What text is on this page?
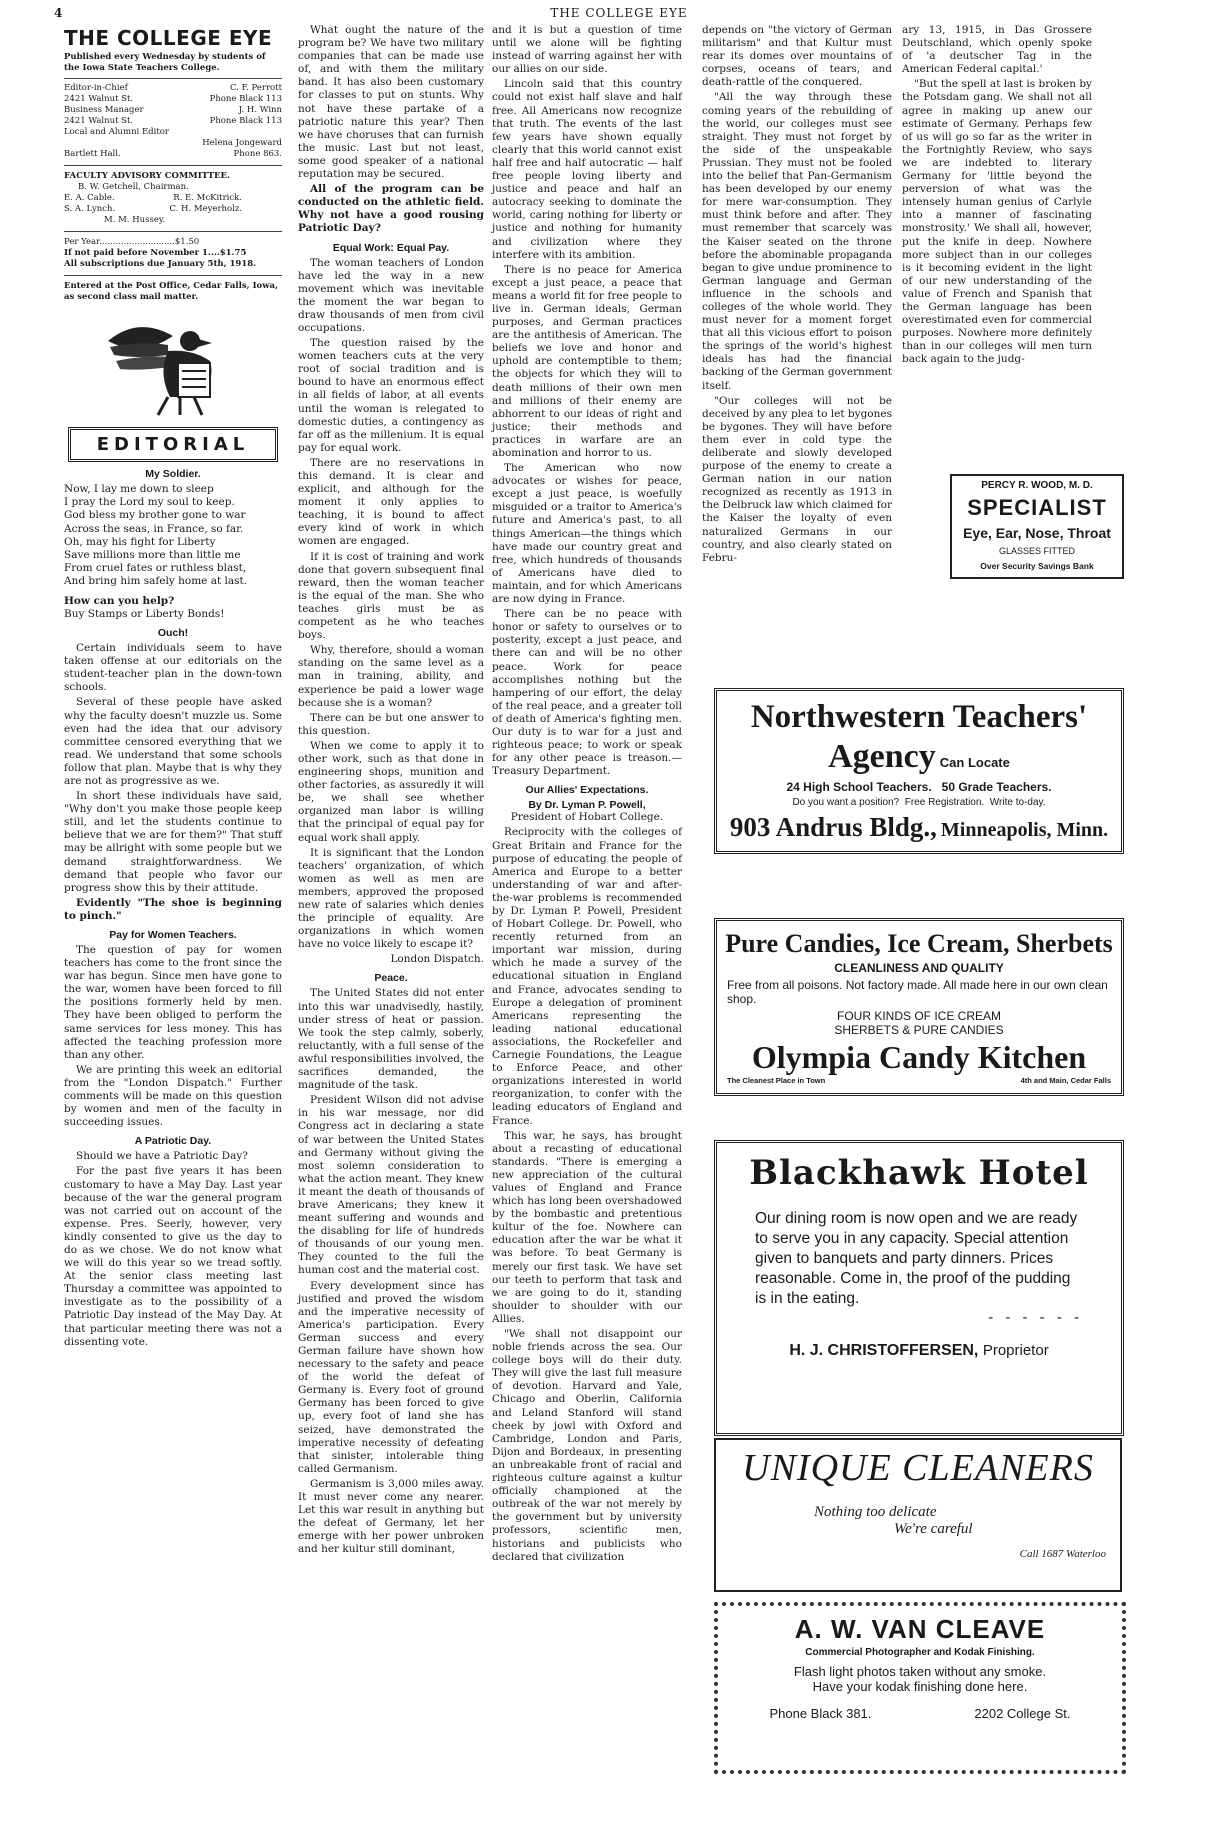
4	THE COLLEGE EYE
THE COLLEGE EYE

Published every Wednesday by students of the Iowa State Teachers College.

Editor-in-Chief	C. F. Perrott
2421 Walnut St.	Phone Black 113
Business Manager	J. H. Winn
2421 Walnut St.	Phone Black 113
Local and Alumni Editor
Helena Jongeward
Bartlett Hall.	Phone 863.

FACULTY ADVISORY COMMITTEE.

B. W. Getchell, Chairman.

E. A. Cable.	R. E. McKitrick.
S. A. Lynch.	C. H. Meyerholz.

M. M. Hussey.

Per Year............................$1.50

If not paid before November 1....$1.75

All subscriptions due January 5th, 1918.

Entered at the Post Office, Cedar Falls, Iowa, as second class mail matter.

EDITORIAL
My Soldier.

Now, I lay me down to sleep

I pray the Lord my soul to keep.

God bless my brother gone to war

Across the seas, in France, so far.

Oh, may his fight for Liberty

Save millions more than little me

From cruel fates or ruthless blast,

And bring him safely home at last.

How can you help?

Buy Stamps or Liberty Bonds!

Ouch!

Certain individuals seem to have taken offense at our editorials on the student-teacher plan in the down-town schools.

Several of these people have asked why the faculty doesn't muzzle us. Some even had the idea that our advisory committee censored everything that we read. We understand that some schools follow that plan. Maybe that is why they are not as progressive as we.

In short these individuals have said, "Why don't you make those people keep still, and let the students continue to believe that we are for them?" That stuff may be allright with some people but we demand straightforwardness. We demand that people who favor our progress show this by their attitude.

Evidently "The shoe is beginning to pinch."

Pay for Women Teachers.

The question of pay for women teachers has come to the front since the war has begun. Since men have gone to the war, women have been forced to fill the positions formerly held by men. They have been obliged to perform the same services for less money. This has affected the teaching profession more than any other.

We are printing this week an editorial from the "London Dispatch." Further comments will be made on this question by women and men of the faculty in succeeding issues.

A Patriotic Day.

Should we have a Patriotic Day?

For the past five years it has been customary to have a May Day. Last year because of the war the general program was not carried out on account of the expense. Pres. Seerly, however, very kindly consented to give us the day to do as we chose. We do not know what we will do this year so we tread softly. At the senior class meeting last Thursday a committee was appointed to investigate as to the possibility of a Patriotic Day instead of the May Day. At that particular meeting there was not a dissenting vote.

What ought the nature of the program be? We have two military companies that can be made use of, and with them the military band. It has also been customary for classes to put on stunts. Why not have these partake of a patriotic nature this year? Then we have choruses that can furnish the music. Last but not least, some good speaker of a national reputation may be secured.

All of the program can be conducted on the athletic field. Why not have a good rousing Patriotic Day?

Equal Work: Equal Pay.

The woman teachers of London have led the way in a new movement which was inevitable the moment the war began to draw thousands of men from civil occupations.

The question raised by the women teachers cuts at the very root of social tradition and is bound to have an enormous effect in all fields of labor, at all events until the woman is relegated to domestic duties, a contingency as far off as the millenium. It is equal pay for equal work.

There are no reservations in this demand. It is clear and explicit, and although for the moment it only applies to teaching, it is bound to affect every kind of work in which women are engaged.

If it is cost of training and work done that govern subsequent final reward, then the woman teacher is the equal of the man. She who teaches girls must be as competent as he who teaches boys.

Why, therefore, should a woman standing on the same level as a man in training, ability, and experience be paid a lower wage because she is a woman?

There can be but one answer to this question.

When we come to apply it to other work, such as that done in engineering shops, munition and other factories, as assuredly it will be, we shall see whether organized man labor is willing that the principal of equal pay for equal work shall apply.

It is significant that the London teachers' organization, of which women as well as men are members, approved the proposed new rate of salaries which denies the principle of equality. Are organizations in which women have no voice likely to escape it?

London Dispatch.

Peace.

The United States did not enter into this war unadvisedly, hastily, under stress of heat or passion. We took the step calmly, soberly, reluctantly, with a full sense of the awful responsibilities involved, the sacrifices demanded, the magnitude of the task.

President Wilson did not advise in his war message, nor did Congress act in declaring a state of war between the United States and Germany without giving the most solemn consideration to what the action meant. They knew it meant the death of thousands of brave Americans; they knew it meant suffering and wounds and the disabling for life of hundreds of thousands of our young men. They counted to the full the human cost and the material cost.

Every development since has justified and proved the wisdom and the imperative necessity of America's participation. Every German success and every German failure have shown how necessary to the safety and peace of the world the defeat of Germany is. Every foot of ground Germany has been forced to give up, every foot of land she has seized, have demonstrated the imperative necessity of defeating that sinister, intolerable thing called Germanism.

Germanism is 3,000 miles away. It must never come any nearer. Let this war result in anything but the defeat of Germany, let her emerge with her power unbroken and her kultur still dominant,

and it is but a question of time until we alone will be fighting instead of warring against her with our allies on our side.

Lincoln said that this country could not exist half slave and half free. All Americans now recognize that truth. The events of the last few years have shown equally clearly that this world cannot exist half free and half autocratic — half free people loving liberty and justice and peace and half an autocracy seeking to dominate the world, caring nothing for liberty or justice and nothing for humanity and civilization where they interfere with its ambition.

There is no peace for America except a just peace, a peace that means a world fit for free people to live in. German ideals, German purposes, and German practices are the antithesis of American. The beliefs we love and honor and uphold are contemptible to them; the objects for which they will to death millions of their own men and millions of their enemy are abhorrent to our ideas of right and justice; their methods and practices in warfare are an abomination and horror to us.

The American who now advocates or wishes for peace, except a just peace, is woefully misguided or a traitor to America's future and America's past, to all things American—the things which have made our country great and free, which hundreds of thousands of Americans have died to maintain, and for which Americans are now dying in France.

There can be no peace with honor or safety to ourselves or to posterity, except a just peace, and there can and will be no other peace. Work for peace accomplishes nothing but the hampering of our effort, the delay of the real peace, and a greater toll of death of America's fighting men. Our duty is to war for a just and righteous peace; to work or speak for any other peace is treason.—Treasury Department.

Our Allies' Expectations.
By Dr. Lyman P. Powell,

President of Hobart College.

Reciprocity with the colleges of Great Britain and France for the purpose of educating the people of America and Europe to a better understanding of war and after-the-war problems is recommended by Dr. Lyman P. Powell, President of Hobart College. Dr. Powell, who recently returned from an important war mission, during which he made a survey of the educational situation in England and France, advocates sending to Europe a delegation of prominent Americans representing the leading national educational associations, the Rockefeller and Carnegie Foundations, the League to Enforce Peace, and other organizations interested in world reorganization, to confer with the leading educators of England and France.

This war, he says, has brought about a recasting of educational standards. "There is emerging a new appreciation of the cultural values of England and France which has long been overshadowed by the bombastic and pretentious kultur of the foe. Nowhere can education after the war be what it was before. To beat Germany is merely our first task. We have set our teeth to perform that task and we are going to do it, standing shoulder to shoulder with our Allies.

"We shall not disappoint our noble friends across the sea. Our college boys will do their duty. They will give the last full measure of devotion. Harvard and Yale, Chicago and Oberlin, California and Leland Stanford will stand cheek by jowl with Oxford and Cambridge, London and Paris, Dijon and Bordeaux, in presenting an unbreakable front of racial and righteous culture against a kultur officially championed at the outbreak of the war not merely by the government but by university professors, scientific men, historians and publicists who declared that civilization

depends on "the victory of German militarism" and that Kultur must rear its domes over mountains of corpses, oceans of tears, and death-rattle of the conquered.

"All the way through these coming years of the rebuilding of the world, our colleges must see straight. They must not forget by the side of the unspeakable Prussian. They must not be fooled into the belief that Pan-Germanism has been developed by our enemy for mere war-consumption. They must think before and after. They must remember that scarcely was the Kaiser seated on the throne before the abominable propaganda began to give undue prominence to German language and German influence in the schools and colleges of the whole world. They must never for a moment forget that all this vicious effort to poison the springs of the world's highest ideals has had the financial backing of the German government itself.

"Our colleges will not be deceived by any plea to let bygones be bygones. They will have before them ever in cold type the deliberate and slowly developed purpose of the enemy to create a German nation in our nation recognized as recently as 1913 in the Delbruck law which claimed for the Kaiser the loyalty of even naturalized Germans in our country, and also clearly stated on Febru-

ary 13, 1915, in Das Grossere Deutschland, which openly spoke of 'a deutscher Tag in the American Federal capital.'

"But the spell at last is broken by the Potsdam gang. We shall not all agree in making up anew our estimate of Germany. Perhaps few of us will go so far as the writer in the Fortnightly Review, who says we are indebted to literary Germany for 'little beyond the perversion of what was the intensely human genius of Carlyle into a manner of fascinating monstrosity.' We shall all, however, put the knife in deep. Nowhere more subject than in our colleges is it becoming evident in the light of our new understanding of the value of French and Spanish that the German language has been overestimated even for commercial purposes. Nowhere more definitely than in our colleges will men turn back again to the judg-

PERCY R. WOOD, M. D.
SPECIALIST
Eye, Ear, Nose, Throat
GLASSES FITTED
Over Security Savings Bank
Northwestern Teachers'
Agency Can Locate
24 High School Teachers. 50 Grade Teachers.
Do you want a position? Free Registration. Write to-day.
903 Andrus Bldg., Minneapolis, Minn.
Pure Candies, Ice Cream, Sherbets
CLEANLINESS AND QUALITY
Free from all poisons. Not factory made. All made here in our own clean shop.
FOUR KINDS OF ICE CREAM
SHERBETS & PURE CANDIES
Olympia Candy Kitchen
The Cleanest Place in Town	4th and Main, Cedar Falls
Blackhawk Hotel
Our dining room is now open and we are ready to serve you in any capacity. Special attention given to banquets and party dinners. Prices reasonable. Come in, the proof of the pudding is in the eating.
- - - - - -
H. J. CHRISTOFFERSEN, Proprietor
UNIQUE CLEANERS
Nothing too delicate
We're careful
Call 1687 Waterloo
A. W. VAN CLEAVE
Commercial Photographer and Kodak Finishing.
Flash light photos taken without any smoke.
Have your kodak finishing done here.
Phone Black 381.	2202 College St.
